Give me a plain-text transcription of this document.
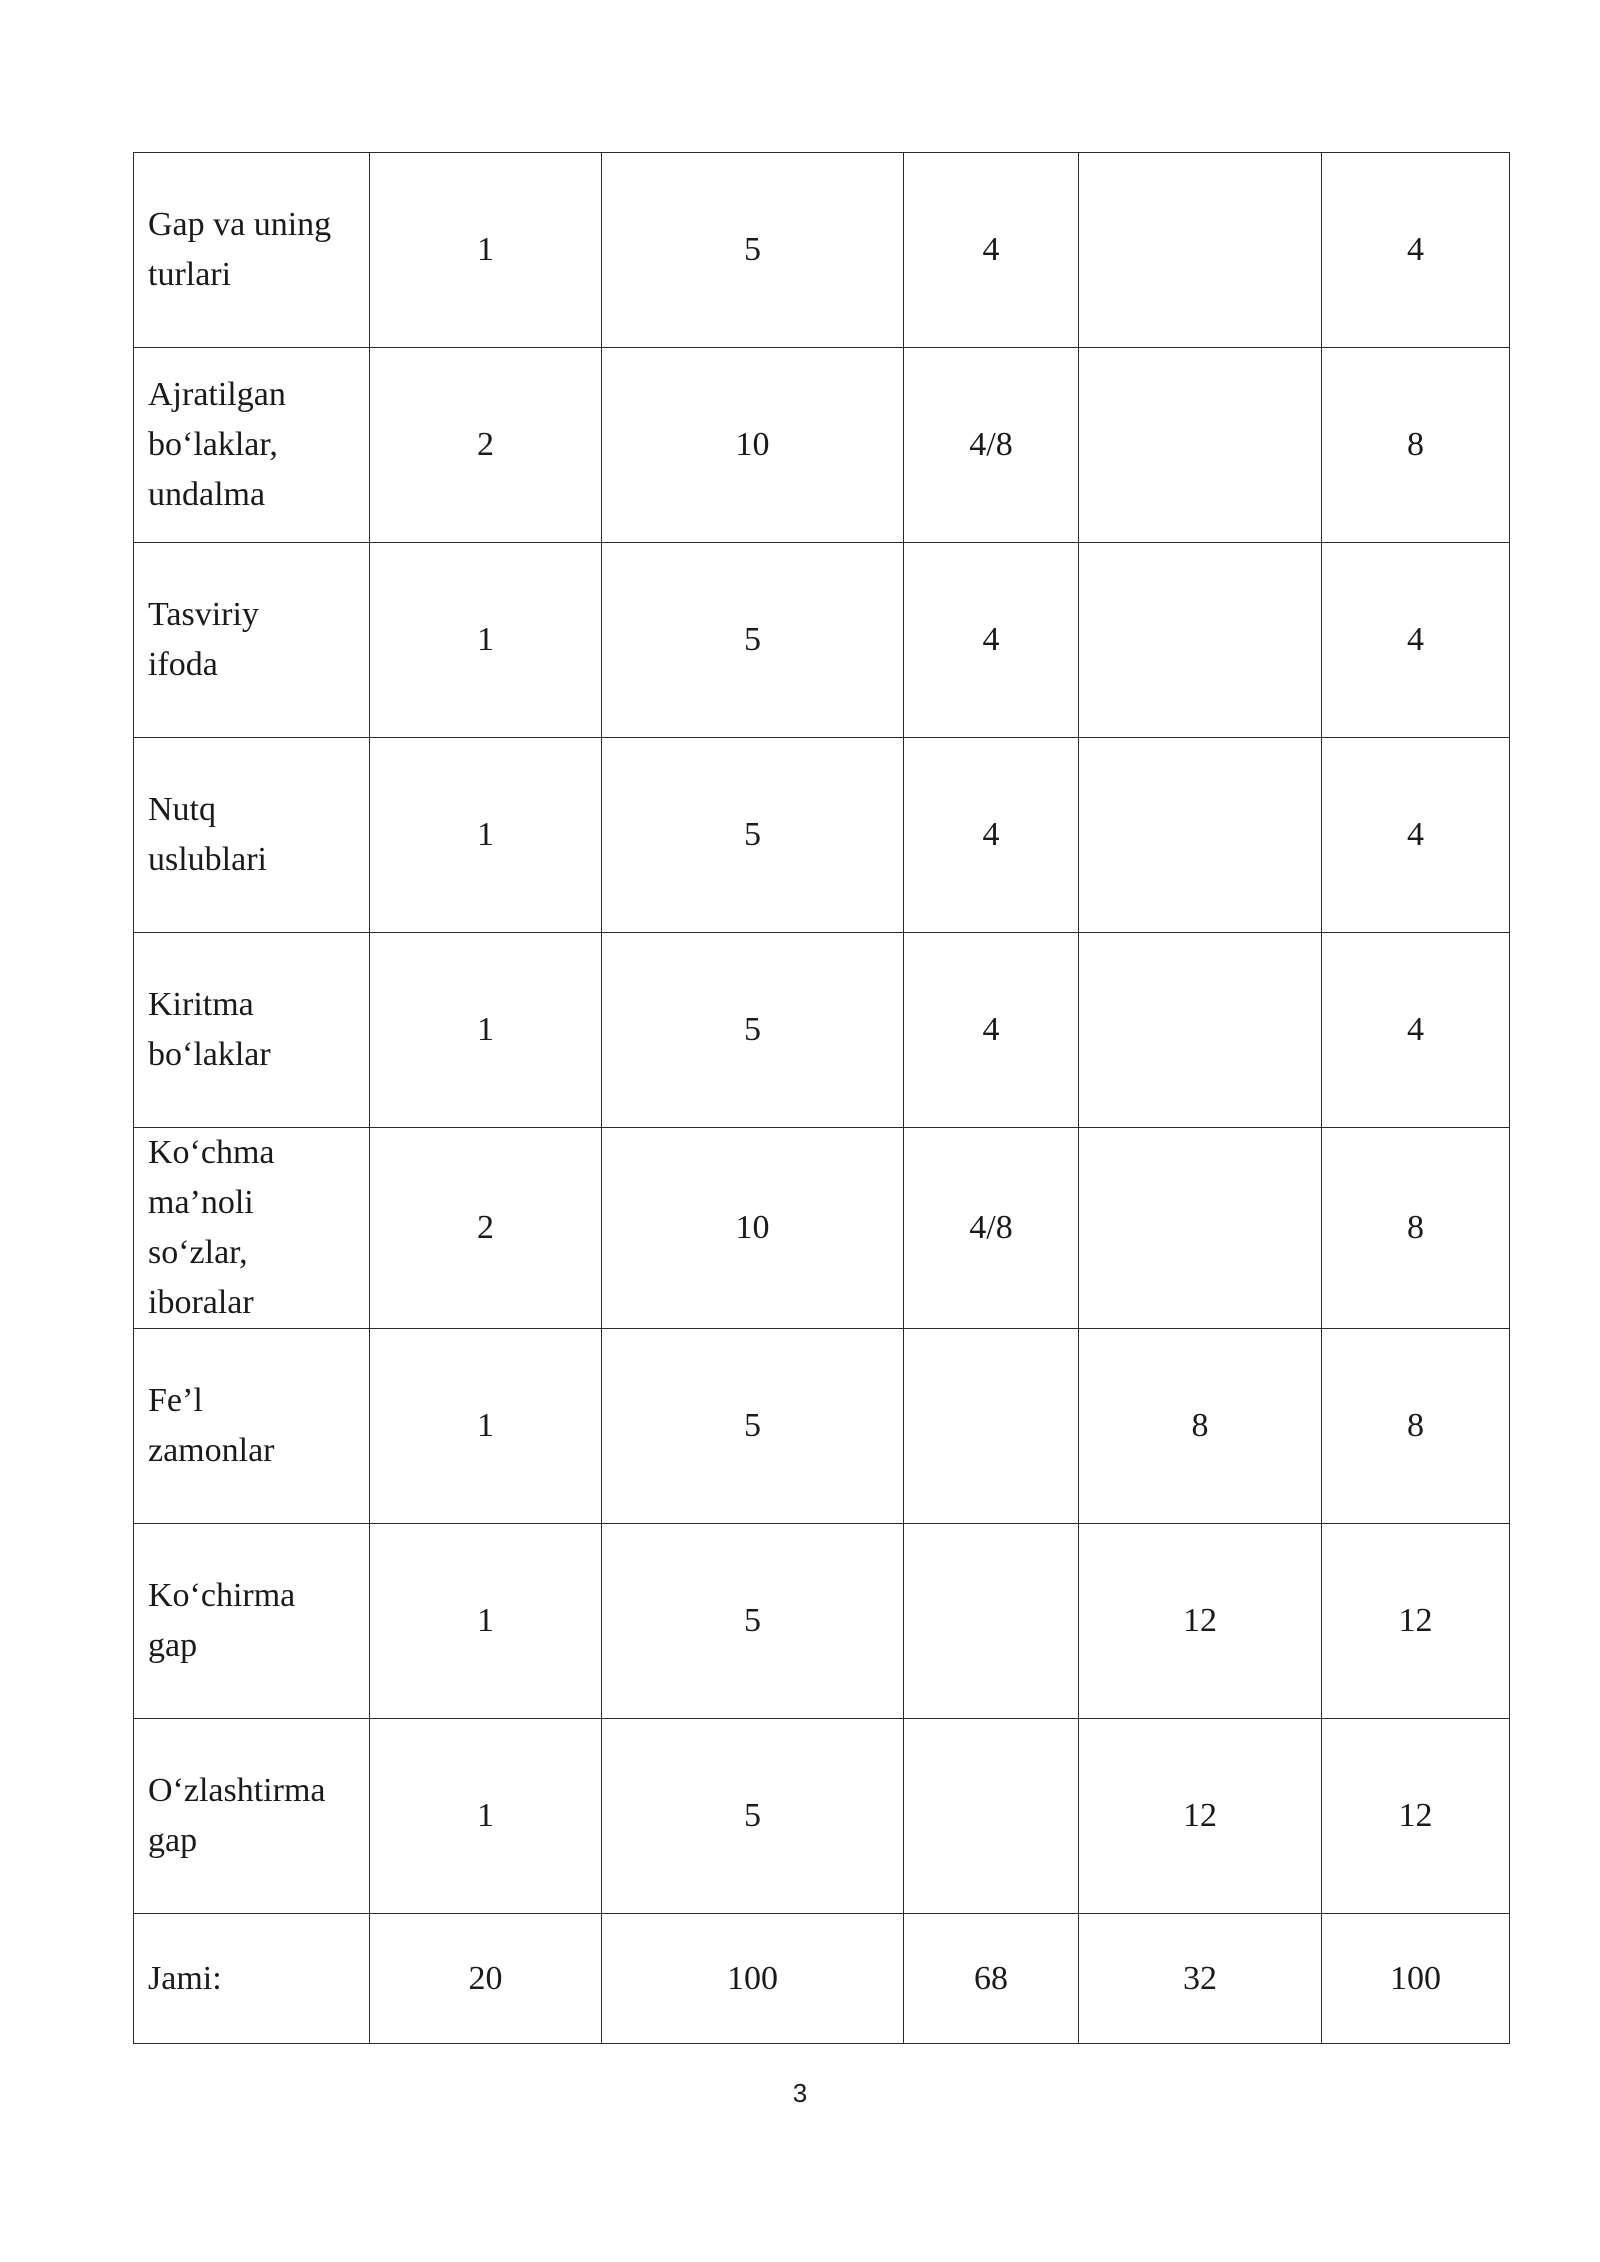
Gap va uning
turlari	1	5	4		4
Ajratilgan
bo‘laklar,
undalma	2	10	4/8		8
Tasviriy
ifoda	1	5	4		4
Nutq
uslublari	1	5	4		4
Kiritma
bo‘laklar	1	5	4		4
Ko‘chma
ma’noli
so‘zlar,
iboralar	2	10	4/8		8
Fe’l
zamonlar	1	5		8	8
Ko‘chirma
gap	1	5		12	12
O‘zlashtirma
gap	1	5		12	12
Jami:	20	100	68	32	100
3
